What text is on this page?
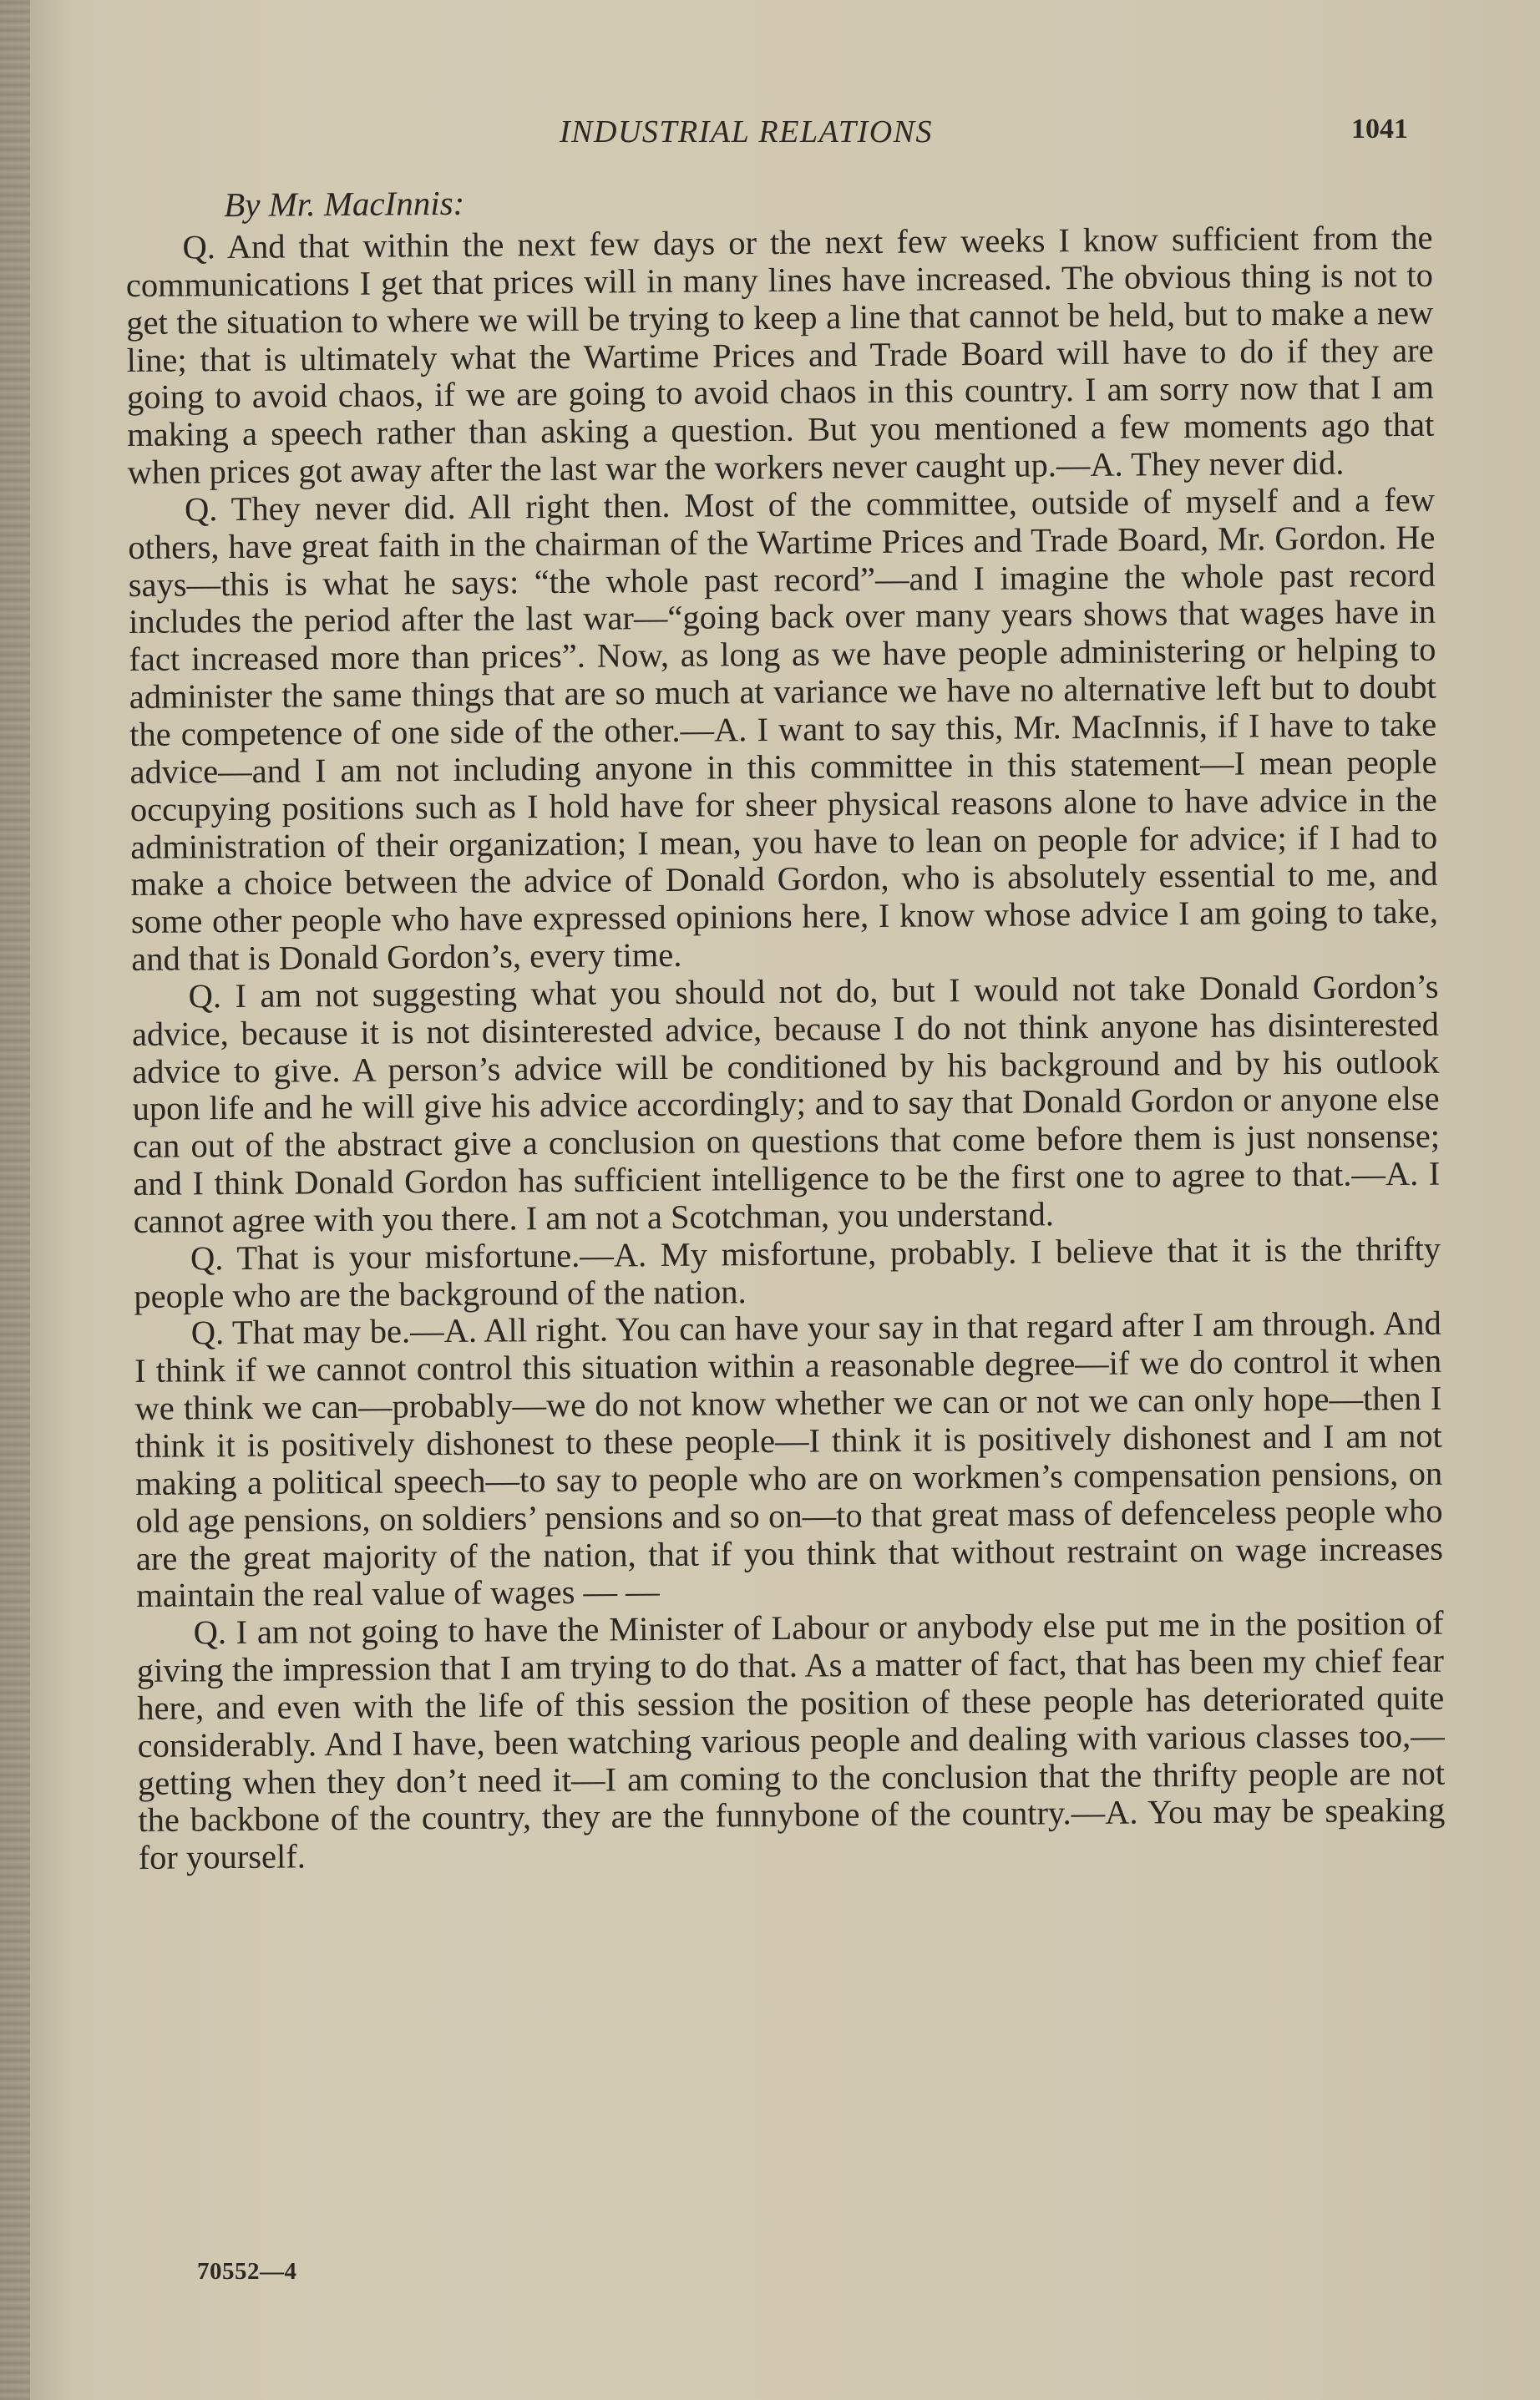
INDUSTRIAL RELATIONS	1041
By Mr. MacInnis:

Q. And that within the next few days or the next few weeks I know sufficient from the communications I get that prices will in many lines have increased. The obvious thing is not to get the situation to where we will be trying to keep a line that cannot be held, but to make a new line; that is ultimately what the Wartime Prices and Trade Board will have to do if they are going to avoid chaos, if we are going to avoid chaos in this country. I am sorry now that I am making a speech rather than asking a question. But you mentioned a few moments ago that when prices got away after the last war the workers never caught up.—A. They never did.

Q. They never did. All right then. Most of the committee, outside of myself and a few others, have great faith in the chairman of the Wartime Prices and Trade Board, Mr. Gordon. He says—this is what he says: “the whole past record”—and I imagine the whole past record includes the period after the last war—“going back over many years shows that wages have in fact increased more than prices”. Now, as long as we have people administering or helping to administer the same things that are so much at variance we have no alternative left but to doubt the competence of one side of the other.—A. I want to say this, Mr. MacInnis, if I have to take advice—and I am not including anyone in this committee in this statement—I mean people occupying positions such as I hold have for sheer physical reasons alone to have advice in the administration of their organization; I mean, you have to lean on people for advice; if I had to make a choice between the advice of Donald Gordon, who is absolutely essential to me, and some other people who have expressed opinions here, I know whose advice I am going to take, and that is Donald Gordon’s, every time.

Q. I am not suggesting what you should not do, but I would not take Donald Gordon’s advice, because it is not disinterested advice, because I do not think anyone has disinterested advice to give. A person’s advice will be conditioned by his background and by his outlook upon life and he will give his advice accordingly; and to say that Donald Gordon or anyone else can out of the abstract give a conclusion on questions that come before them is just nonsense; and I think Donald Gordon has sufficient intelligence to be the first one to agree to that.—A. I cannot agree with you there. I am not a Scotchman, you understand.

Q. That is your misfortune.—A. My misfortune, probably. I believe that it is the thrifty people who are the background of the nation.

Q. That may be.—A. All right. You can have your say in that regard after I am through. And I think if we cannot control this situation within a reasonable degree—if we do control it when we think we can—probably—we do not know whether we can or not we can only hope—then I think it is positively dishonest to these people—I think it is positively dishonest and I am not making a political speech—to say to people who are on workmen’s compensation pensions, on old age pensions, on soldiers’ pensions and so on—to that great mass of defenceless people who are the great majority of the nation, that if you think that without restraint on wage increases maintain the real value of wages — —

Q. I am not going to have the Minister of Labour or anybody else put me in the position of giving the impression that I am trying to do that. As a matter of fact, that has been my chief fear here, and even with the life of this session the position of these people has deteriorated quite considerably. And I have, been watching various people and dealing with various classes too,—getting when they don’t need it—I am coming to the conclusion that the thrifty people are not the backbone of the country, they are the funnybone of the country.—A. You may be speaking for yourself.

70552—4
